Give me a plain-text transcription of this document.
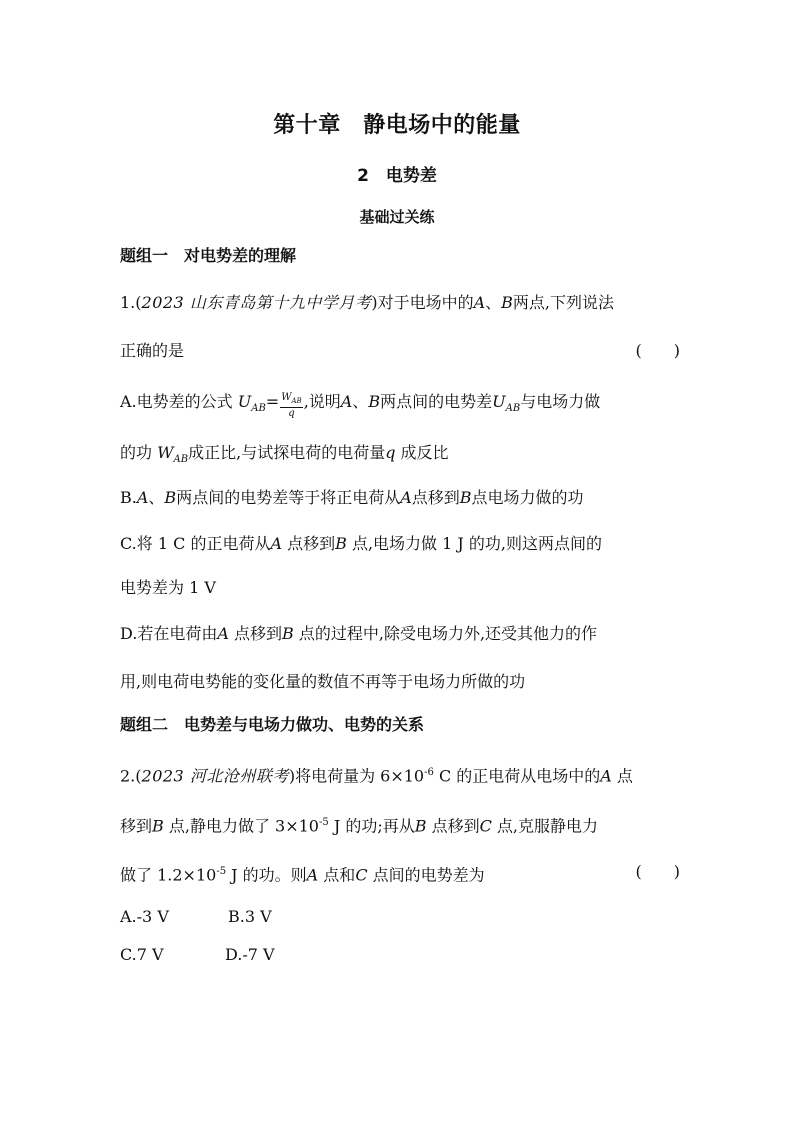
第十章　静电场中的能量
2　电势差
基础过关练
题组一　对电势差的理解
1.(2023 山东青岛第十九中学月考)对于电场中的A、B两点,下列说法
正确的是	(　　)
A.电势差的公式 $U_{AB}= \frac{W_{AB}}{q}$ ,说明A、B两点间的电势差$U_{AB}$与电场力做
的功 $W_{AB}$成正比,与试探电荷的电荷量q 成反比
B.A、B两点间的电势差等于将正电荷从A点移到B点电场力做的功
C.将 1 C 的正电荷从A 点移到B 点,电场力做 1 J 的功,则这两点间的
电势差为 1 V
D.若在电荷由A 点移到B 点的过程中,除受电场力外,还受其他力的作
用,则电荷电势能的变化量的数值不再等于电场力所做的功
题组二　电势差与电场力做功、电势的关系
2.(2023 河北沧州联考)将电荷量为 $6\times 10^{-6}$ C 的正电荷从电场中的A 点
移到B 点,静电力做了 $3\times 10^{-5}$ J 的功;再从B 点移到C 点,克服静电力
做了 $1.2\times 10^{-5}$ J 的功。则A 点和C 点间的电势差为	(　　)
A.-3 V	B.3 V
C.7 V	D.-7 V
